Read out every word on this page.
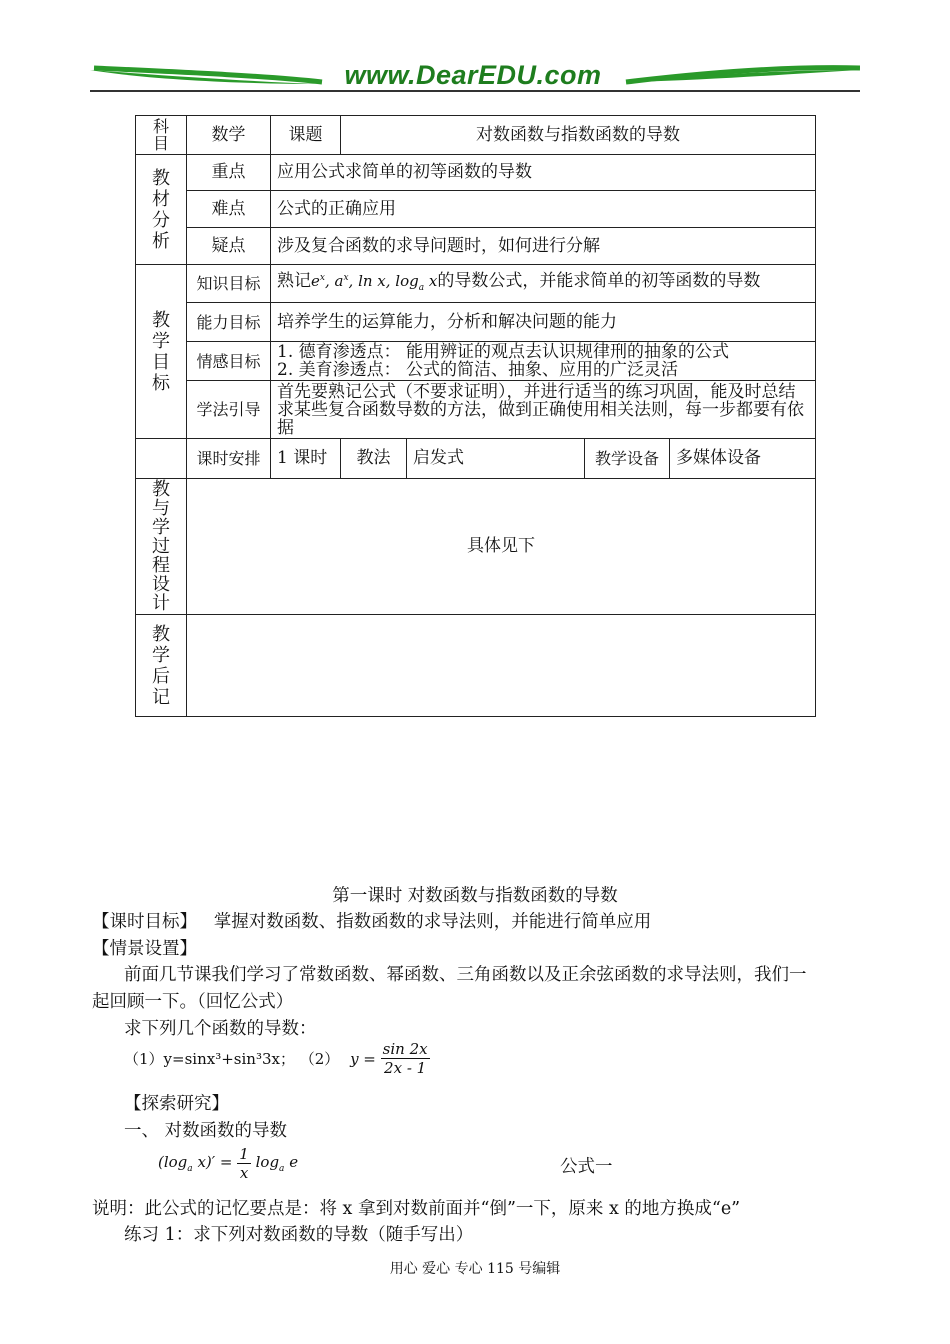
www.DearEDU.com
科目	数学	课题	对数函数与指数函数的导数			

教材分析	重点	应用公式求简单的初等函数的导数				
	难点	公式的正确应用				
	疑点	涉及复合函数的求导问题时，如何进行分解				

教学目标	知识目标	熟记$e^x$, $a^x$, ln x, $\log_a x$的导数公式，并能求简单的初等函数的导数				
	能力目标	培养学生的运算能力，分析和解决问题的能力				
	情感目标	1. 德育渗透点： 能用辨证的观点去认识规律刑的抽象的公式
2. 美育渗透点： 公式的简洁、抽象、应用的广泛灵活				

	学法引导	首先要熟记公式（不要求证明），并进行适当的练习巩固，能及时总结求某些复合函数导数的方法，做到正确使用相关法则，每一步都要有依据				
	课时安排	1 课时	教法	启发式	教学设备	多媒体设备

教与学过程设计	具体见下					

教学后记						

第一课时 对数函数与指数函数的导数
【课时目标】 掌握对数函数、指数函数的求导法则，并能进行简单应用
【情景设置】
前面几节课我们学习了常数函数、幂函数、三角函数以及正余弦函数的求导法则，我们一
起回顾一下。（回忆公式）
求下列几个函数的导数：
（1）y=sinx³+sin³3x； （2） $y = \frac{\sin 2x}{2x - 1}$
【探索研究】
一、 对数函数的导数
($\log_a$ $x)' = \frac{1}{x} \log_a e$	公式一
说明：此公式的记忆要点是：将 x 拿到对数前面并“倒”一下，原来 x 的地方换成“e”
练习 1：求下列对数函数的导数（随手写出）
用心 爱心 专心 115 号编辑
